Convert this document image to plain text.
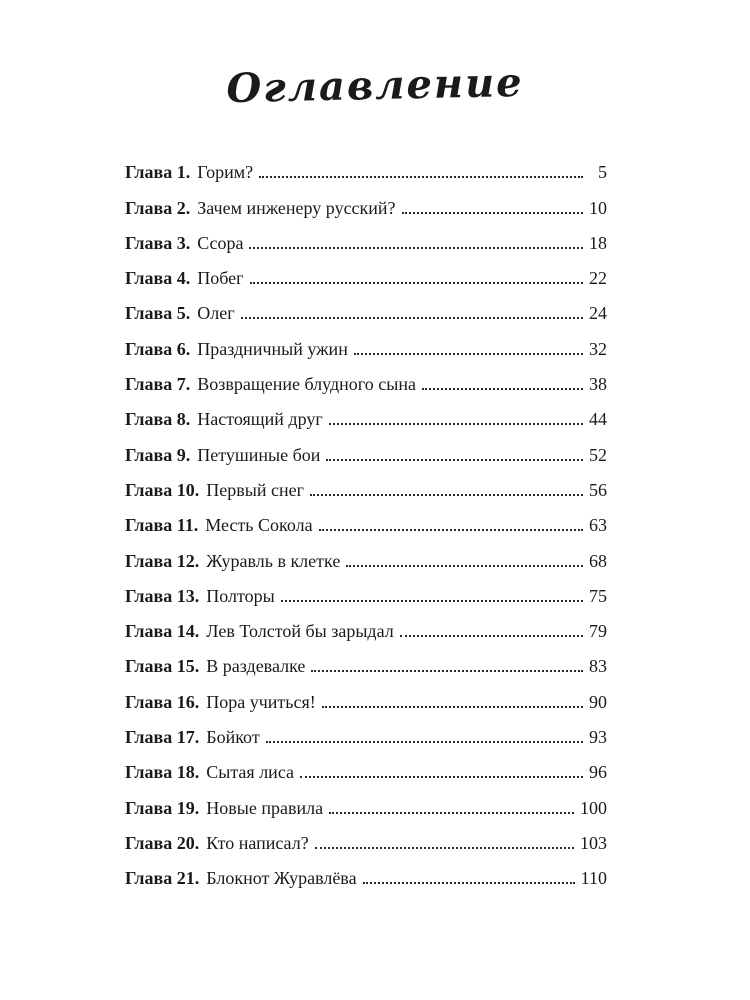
Оглавление
Глава 1. Горим?	5
Глава 2. Зачем инженеру русский?	10
Глава 3. Ссора	18
Глава 4. Побег	22
Глава 5. Олег	24
Глава 6. Праздничный ужин	32
Глава 7. Возвращение блудного сына	38
Глава 8. Настоящий друг	44
Глава 9. Петушиные бои	52
Глава 10. Первый снег	56
Глава 11. Месть Сокола	63
Глава 12. Журавль в клетке	68
Глава 13. Полторы	75
Глава 14. Лев Толстой бы зарыдал	79
Глава 15. В раздевалке	83
Глава 16. Пора учиться!	90
Глава 17. Бойкот	93
Глава 18. Сытая лиса	96
Глава 19. Новые правила	100
Глава 20. Кто написал?	103
Глава 21. Блокнот Журавлёва	110
